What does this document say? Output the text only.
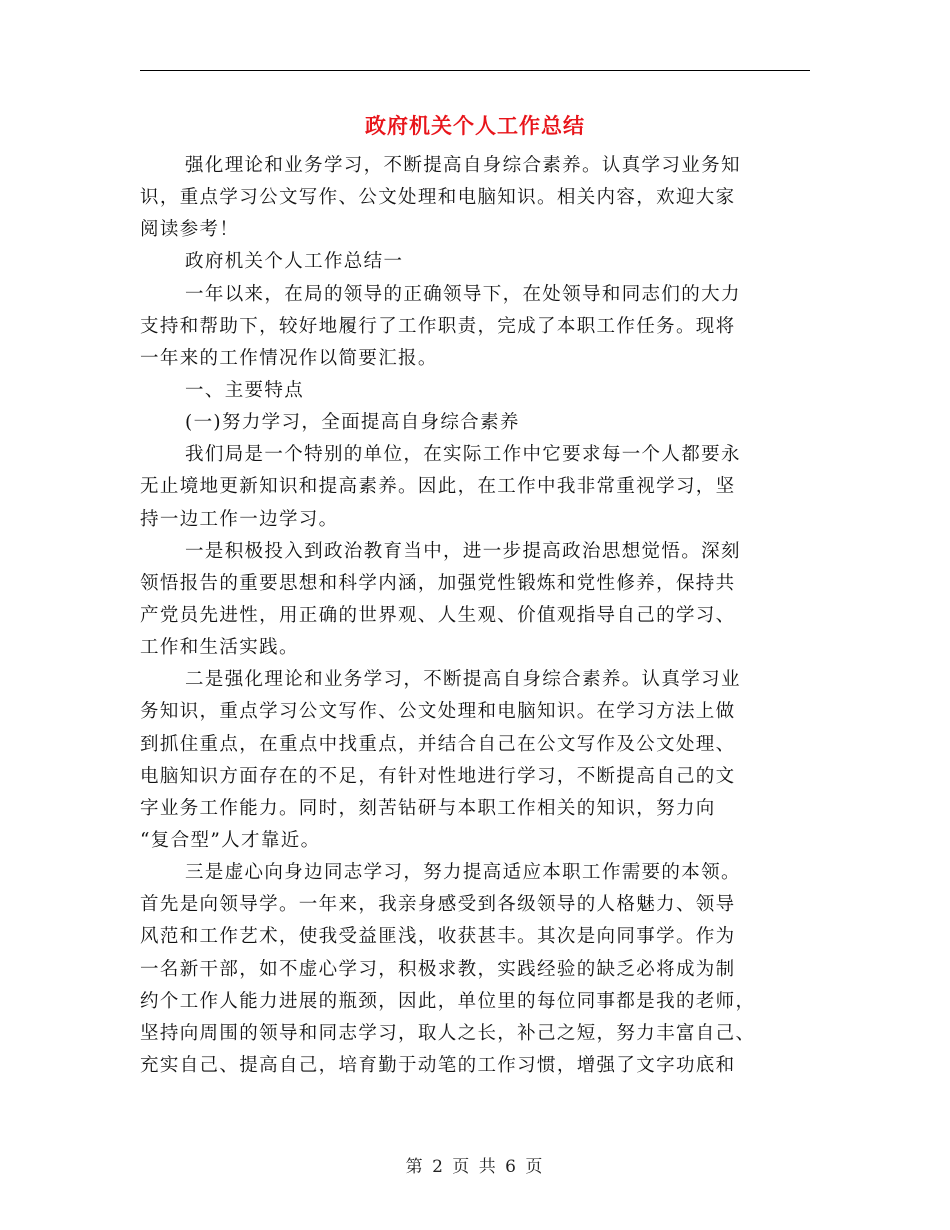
政府机关个人工作总结
强化理论和业务学习，不断提高自身综合素养。认真学习业务知
识，重点学习公文写作、公文处理和电脑知识。相关内容，欢迎大家
阅读参考！
政府机关个人工作总结一
一年以来，在局的领导的正确领导下，在处领导和同志们的大力
支持和帮助下，较好地履行了工作职责，完成了本职工作任务。现将
一年来的工作情况作以简要汇报。
一、主要特点
(一)努力学习，全面提高自身综合素养
我们局是一个特别的单位，在实际工作中它要求每一个人都要永
无止境地更新知识和提高素养。因此，在工作中我非常重视学习，坚
持一边工作一边学习。
一是积极投入到政治教育当中，进一步提高政治思想觉悟。深刻
领悟报告的重要思想和科学内涵，加强党性锻炼和党性修养，保持共
产党员先进性，用正确的世界观、人生观、价值观指导自己的学习、
工作和生活实践。
二是强化理论和业务学习，不断提高自身综合素养。认真学习业
务知识，重点学习公文写作、公文处理和电脑知识。在学习方法上做
到抓住重点，在重点中找重点，并结合自己在公文写作及公文处理、
电脑知识方面存在的不足，有针对性地进行学习，不断提高自己的文
字业务工作能力。同时，刻苦钻研与本职工作相关的知识，努力向
“复合型”人才靠近。
三是虚心向身边同志学习，努力提高适应本职工作需要的本领。
首先是向领导学。一年来，我亲身感受到各级领导的人格魅力、领导
风范和工作艺术，使我受益匪浅，收获甚丰。其次是向同事学。作为
一名新干部，如不虚心学习，积极求教，实践经验的缺乏必将成为制
约个工作人能力进展的瓶颈，因此，单位里的每位同事都是我的老师，
坚持向周围的领导和同志学习，取人之长，补己之短，努力丰富自己、
充实自己、提高自己，培育勤于动笔的工作习惯，增强了文字功底和
第 2 页 共 6 页
